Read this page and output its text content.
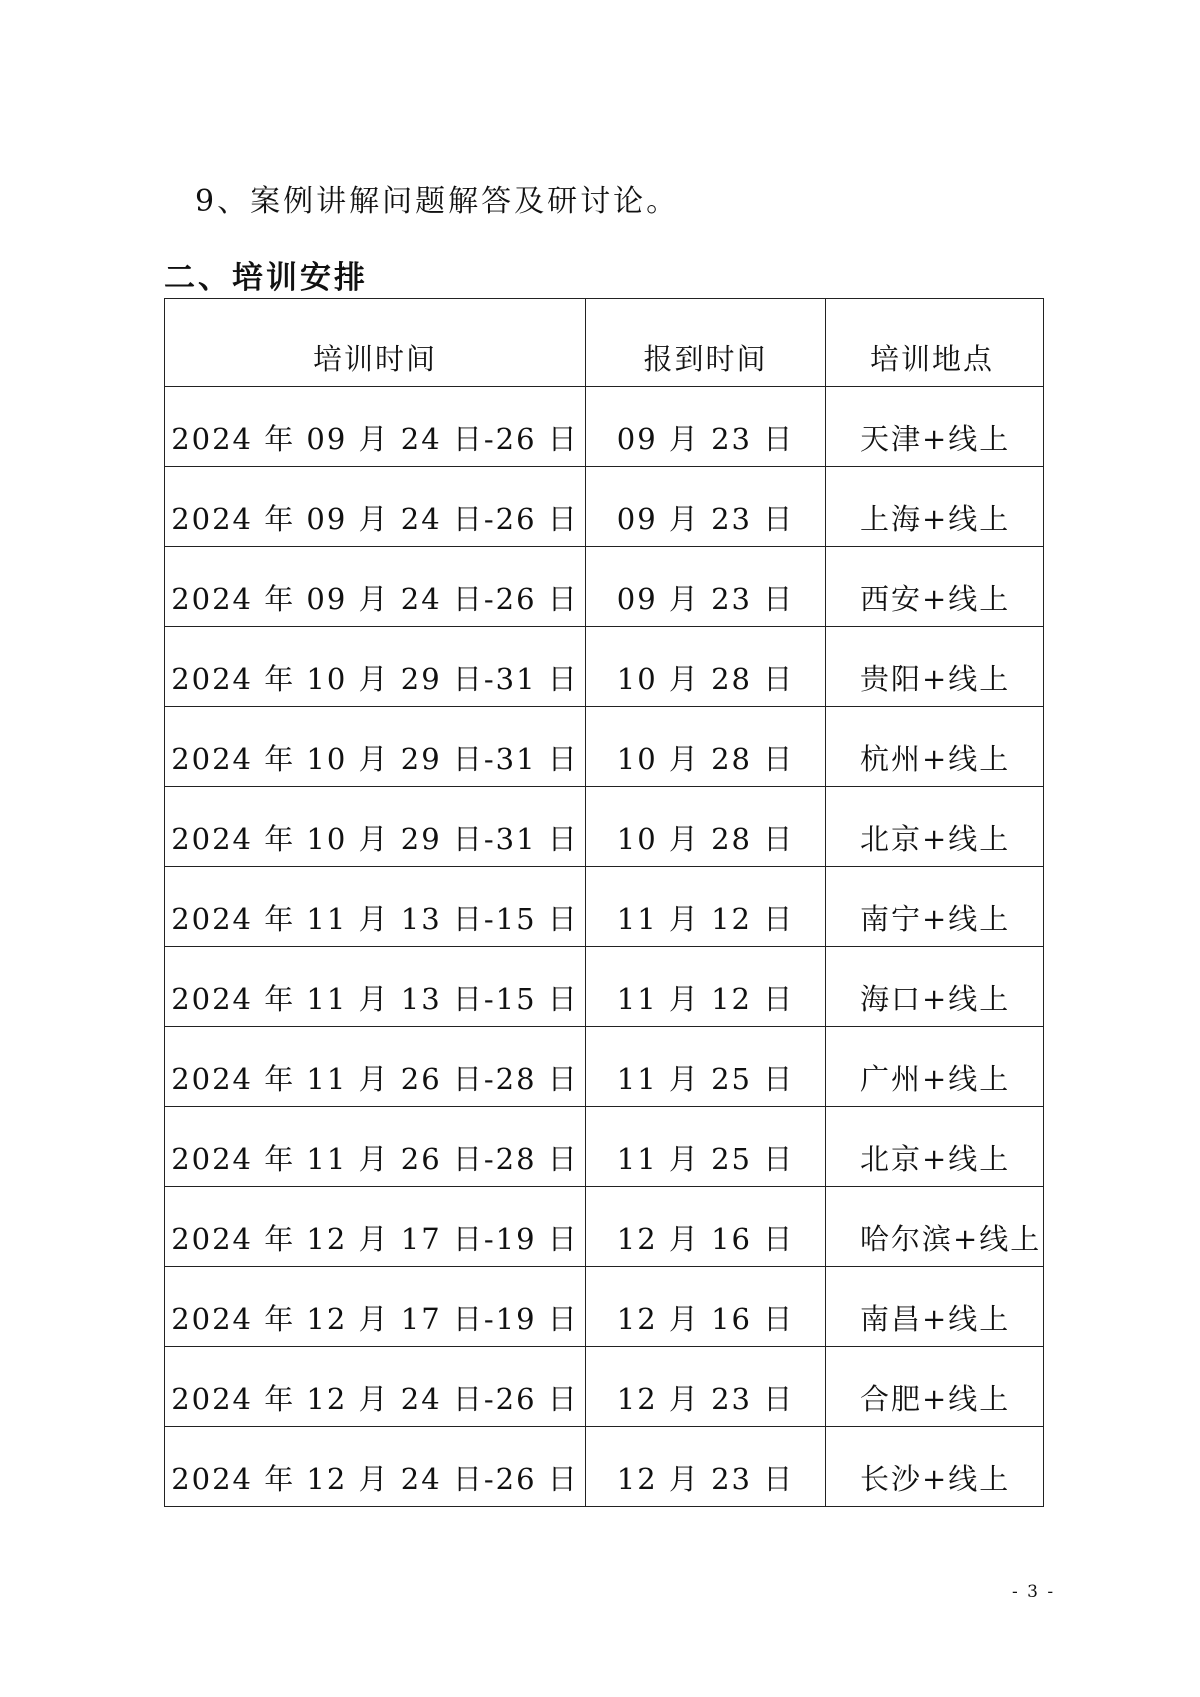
9、案例讲解问题解答及研讨论。
二、培训安排
培训时间	报到时间	培训地点
2024 年 09 月 24 日-26 日	09 月 23 日	天津+线上
2024 年 09 月 24 日-26 日	09 月 23 日	上海+线上
2024 年 09 月 24 日-26 日	09 月 23 日	西安+线上
2024 年 10 月 29 日-31 日	10 月 28 日	贵阳+线上
2024 年 10 月 29 日-31 日	10 月 28 日	杭州+线上
2024 年 10 月 29 日-31 日	10 月 28 日	北京+线上
2024 年 11 月 13 日-15 日	11 月 12 日	南宁+线上
2024 年 11 月 13 日-15 日	11 月 12 日	海口+线上
2024 年 11 月 26 日-28 日	11 月 25 日	广州+线上
2024 年 11 月 26 日-28 日	11 月 25 日	北京+线上
2024 年 12 月 17 日-19 日	12 月 16 日	哈尔滨+线上
2024 年 12 月 17 日-19 日	12 月 16 日	南昌+线上
2024 年 12 月 24 日-26 日	12 月 23 日	合肥+线上
2024 年 12 月 24 日-26 日	12 月 23 日	长沙+线上
- 3 -
